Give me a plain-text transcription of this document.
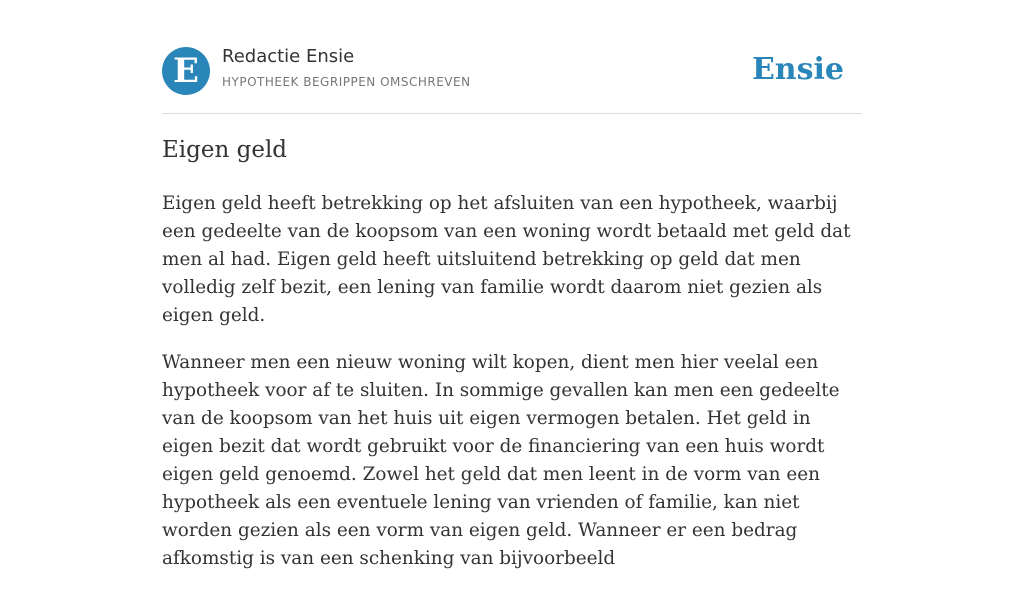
E Redactie Ensie
HYPOTHEEK BEGRIPPEN OMSCHREVEN	Ensie
Eigen geld

Eigen geld heeft betrekking op het afsluiten van een hypotheek, waarbij een gedeelte van de koopsom van een woning wordt betaald met geld dat men al had. Eigen geld heeft uitsluitend betrekking op geld dat men volledig zelf bezit, een lening van familie wordt daarom niet gezien als eigen geld.

Wanneer men een nieuw woning wilt kopen, dient men hier veelal een hypotheek voor af te sluiten. In sommige gevallen kan men een gedeelte van de koopsom van het huis uit eigen vermogen betalen. Het geld in eigen bezit dat wordt gebruikt voor de financiering van een huis wordt eigen geld genoemd. Zowel het geld dat men leent in de vorm van een hypotheek als een eventuele lening van vrienden of familie, kan niet worden gezien als een vorm van eigen geld. Wanneer er een bedrag afkomstig is van een schenking van bijvoorbeeld
